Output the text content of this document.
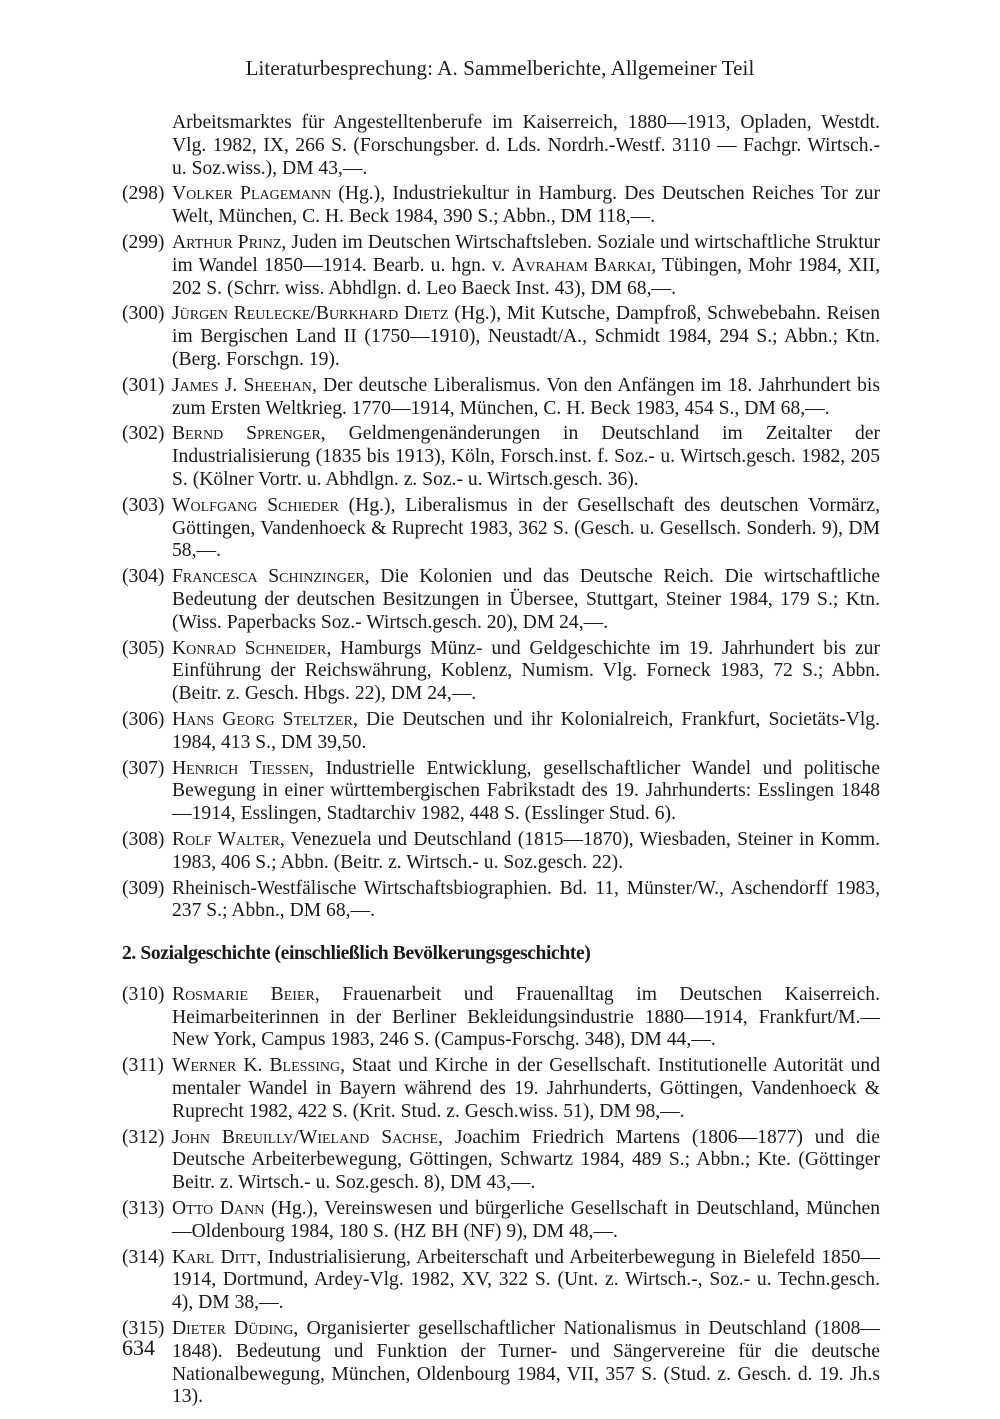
Literaturbesprechung: A. Sammelberichte, Allgemeiner Teil
Arbeitsmarktes für Angestelltenberufe im Kaiserreich, 1880—1913, Opladen, Westdt. Vlg. 1982, IX, 266 S. (Forschungsber. d. Lds. Nordrh.-Westf. 3110 — Fachgr. Wirtsch.- u. Soz.wiss.), DM 43,—.
(298) Volker Plagemann (Hg.), Industriekultur in Hamburg. Des Deutschen Reiches Tor zur Welt, München, C. H. Beck 1984, 390 S.; Abbn., DM 118,—.
(299) Arthur Prinz, Juden im Deutschen Wirtschaftsleben. Soziale und wirtschaftliche Struktur im Wandel 1850—1914. Bearb. u. hgn. v. Avraham Barkai, Tübingen, Mohr 1984, XII, 202 S. (Schrr. wiss. Abhdlgn. d. Leo Baeck Inst. 43), DM 68,—.
(300) Jürgen Reulecke/Burkhard Dietz (Hg.), Mit Kutsche, Dampfroß, Schwebebahn. Reisen im Bergischen Land II (1750—1910), Neustadt/A., Schmidt 1984, 294 S.; Abbn.; Ktn. (Berg. Forschgn. 19).
(301) James J. Sheehan, Der deutsche Liberalismus. Von den Anfängen im 18. Jahrhundert bis zum Ersten Weltkrieg. 1770—1914, München, C. H. Beck 1983, 454 S., DM 68,—.
(302) Bernd Sprenger, Geldmengenänderungen in Deutschland im Zeitalter der Industrialisierung (1835 bis 1913), Köln, Forsch.inst. f. Soz.- u. Wirtsch.gesch. 1982, 205 S. (Kölner Vortr. u. Abhdlgn. z. Soz.- u. Wirtsch.gesch. 36).
(303) Wolfgang Schieder (Hg.), Liberalismus in der Gesellschaft des deutschen Vormärz, Göttingen, Vandenhoeck & Ruprecht 1983, 362 S. (Gesch. u. Gesellsch. Sonderh. 9), DM 58,—.
(304) Francesca Schinzinger, Die Kolonien und das Deutsche Reich. Die wirtschaftliche Bedeutung der deutschen Besitzungen in Übersee, Stuttgart, Steiner 1984, 179 S.; Ktn. (Wiss. Paperbacks Soz.- Wirtsch.gesch. 20), DM 24,—.
(305) Konrad Schneider, Hamburgs Münz- und Geldgeschichte im 19. Jahrhundert bis zur Einführung der Reichswährung, Koblenz, Numism. Vlg. Forneck 1983, 72 S.; Abbn. (Beitr. z. Gesch. Hbgs. 22), DM 24,—.
(306) Hans Georg Steltzer, Die Deutschen und ihr Kolonialreich, Frankfurt, Societäts-Vlg. 1984, 413 S., DM 39,50.
(307) Henrich Tiessen, Industrielle Entwicklung, gesellschaftlicher Wandel und politische Bewegung in einer württembergischen Fabrikstadt des 19. Jahrhunderts: Esslingen 1848—1914, Esslingen, Stadtarchiv 1982, 448 S. (Esslinger Stud. 6).
(308) Rolf Walter, Venezuela und Deutschland (1815—1870), Wiesbaden, Steiner in Komm. 1983, 406 S.; Abbn. (Beitr. z. Wirtsch.- u. Soz.gesch. 22).
(309) Rheinisch-Westfälische Wirtschaftsbiographien. Bd. 11, Münster/W., Aschendorff 1983, 237 S.; Abbn., DM 68,—.
2. Sozialgeschichte (einschließlich Bevölkerungsgeschichte)
(310) Rosmarie Beier, Frauenarbeit und Frauenalltag im Deutschen Kaiserreich. Heimarbeiterinnen in der Berliner Bekleidungsindustrie 1880—1914, Frankfurt/M.—New York, Campus 1983, 246 S. (Campus-Forschg. 348), DM 44,—.
(311) Werner K. Blessing, Staat und Kirche in der Gesellschaft. Institutionelle Autorität und mentaler Wandel in Bayern während des 19. Jahrhunderts, Göttingen, Vandenhoeck & Ruprecht 1982, 422 S. (Krit. Stud. z. Gesch.wiss. 51), DM 98,—.
(312) John Breuilly/Wieland Sachse, Joachim Friedrich Martens (1806—1877) und die Deutsche Arbeiterbewegung, Göttingen, Schwartz 1984, 489 S.; Abbn.; Kte. (Göttinger Beitr. z. Wirtsch.- u. Soz.gesch. 8), DM 43,—.
(313) Otto Dann (Hg.), Vereinswesen und bürgerliche Gesellschaft in Deutschland, München—Oldenbourg 1984, 180 S. (HZ BH (NF) 9), DM 48,—.
(314) Karl Ditt, Industrialisierung, Arbeiterschaft und Arbeiterbewegung in Bielefeld 1850—1914, Dortmund, Ardey-Vlg. 1982, XV, 322 S. (Unt. z. Wirtsch.-, Soz.- u. Techn.gesch. 4), DM 38,—.
(315) Dieter Düding, Organisierter gesellschaftlicher Nationalismus in Deutschland (1808—1848). Bedeutung und Funktion der Turner- und Sängervereine für die deutsche Nationalbewegung, München, Oldenbourg 1984, VII, 357 S. (Stud. z. Gesch. d. 19. Jh.s 13).
634
